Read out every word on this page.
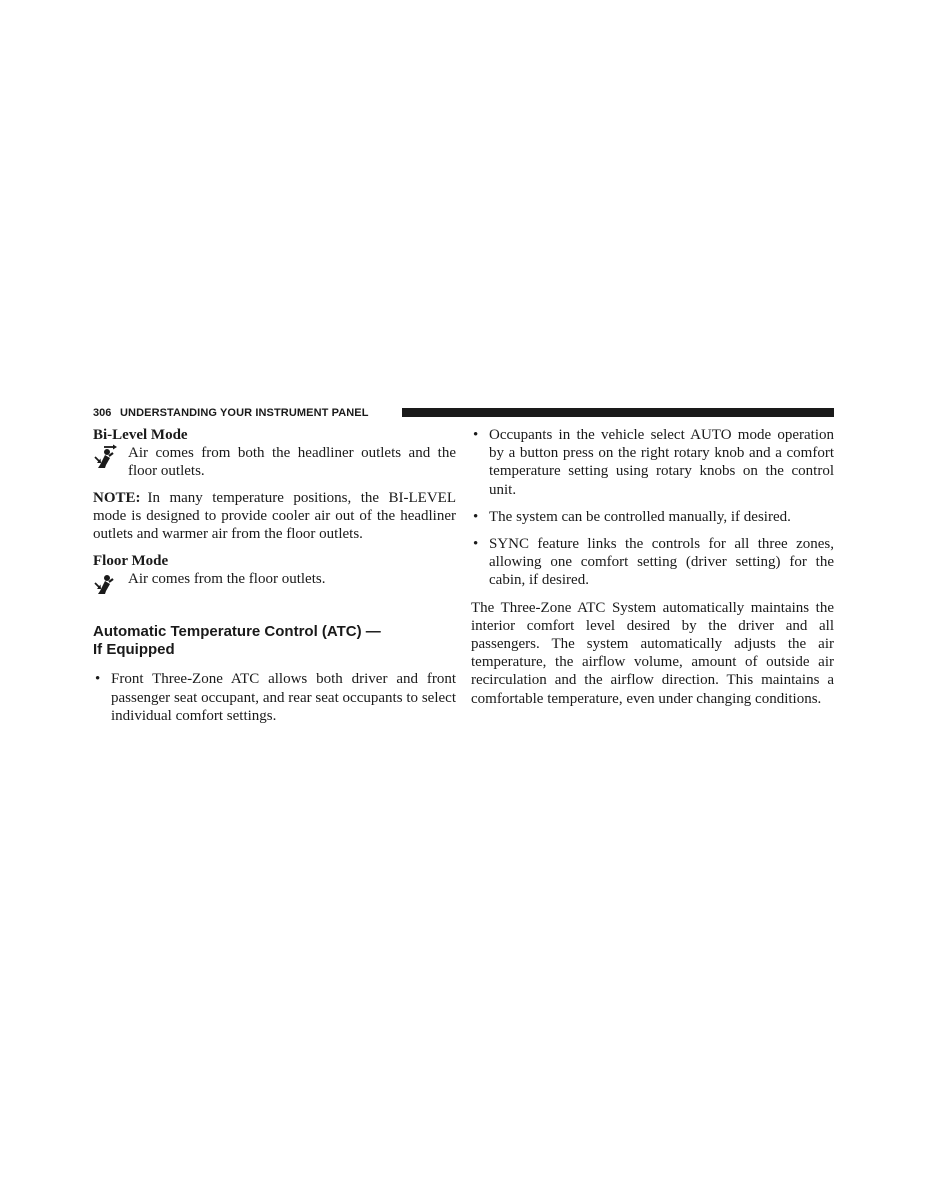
306 UNDERSTANDING YOUR INSTRUMENT PANEL

Bi-Level Mode

Air comes from both the headliner outlets and the floor outlets.

NOTE: In many temperature positions, the BI-LEVEL mode is designed to provide cooler air out of the headliner outlets and warmer air from the floor outlets.

Floor Mode

Air comes from the floor outlets.

Automatic Temperature Control (ATC) —
If Equipped
• Front Three-Zone ATC allows both driver and front passenger seat occupant, and rear seat occupants to select individual comfort settings.
• Occupants in the vehicle select AUTO mode operation by a button press on the right rotary knob and a comfort temperature setting using rotary knobs on the control unit.
• The system can be controlled manually, if desired.
• SYNC feature links the controls for all three zones, allowing one comfort setting (driver setting) for the cabin, if desired.

The Three-Zone ATC System automatically maintains the interior comfort level desired by the driver and all passengers. The system automatically adjusts the air temperature, the airflow volume, amount of outside air recirculation and the airflow direction. This maintains a comfortable temperature, even under changing conditions.
